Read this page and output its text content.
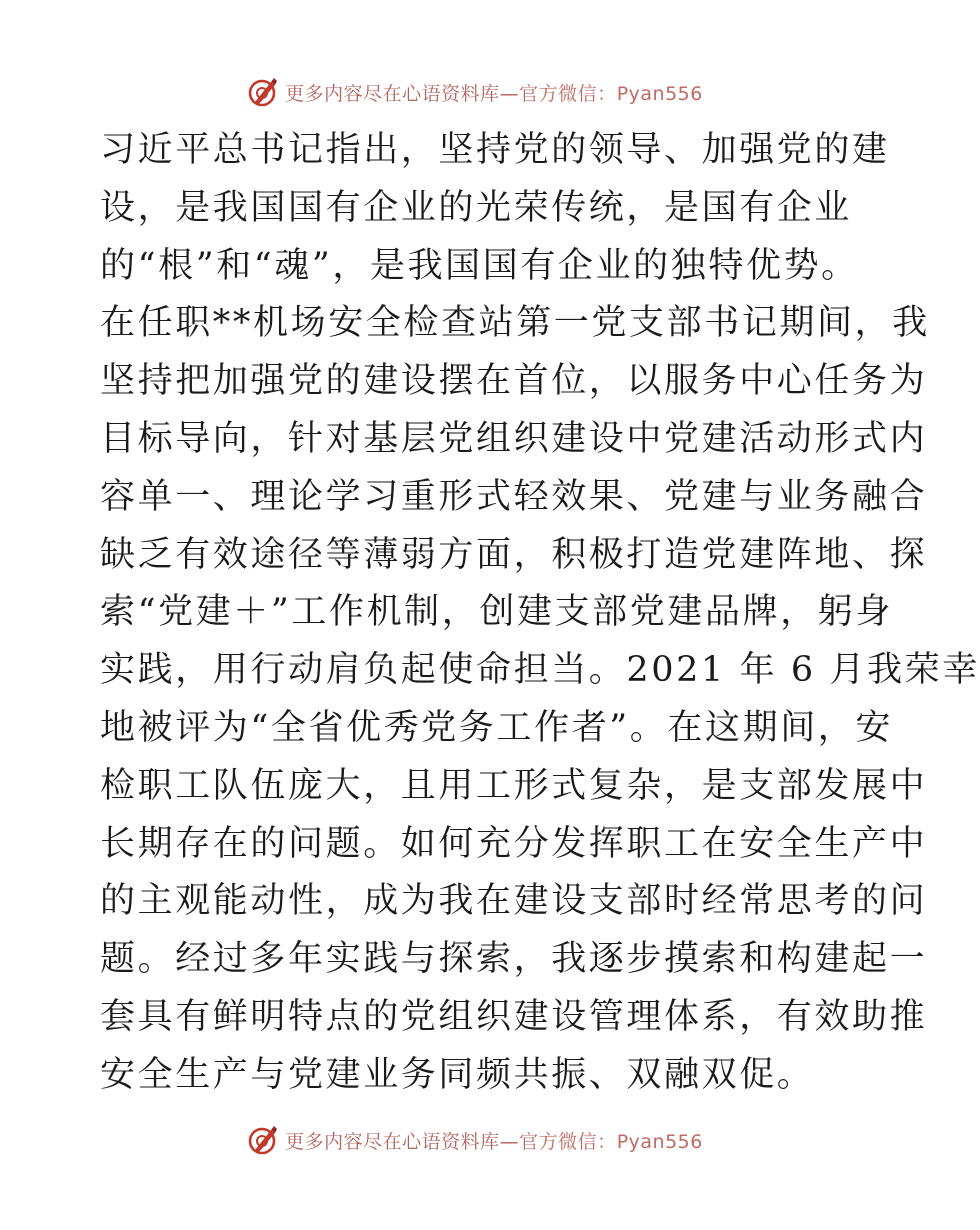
更多内容尽在心语资料库—官方微信：Pyan556
习近平总书记指出，坚持党的领导、加强党的建
设，是我国国有企业的光荣传统，是国有企业
的“根”和“魂”，是我国国有企业的独特优势。
在任职**机场安全检查站第一党支部书记期间，我
坚持把加强党的建设摆在首位，以服务中心任务为
目标导向，针对基层党组织建设中党建活动形式内
容单一、理论学习重形式轻效果、党建与业务融合
缺乏有效途径等薄弱方面，积极打造党建阵地、探
索“党建＋”工作机制，创建支部党建品牌，躬身
实践，用行动肩负起使命担当。2021 年 6 月我荣幸
地被评为“全省优秀党务工作者”。在这期间，安
检职工队伍庞大，且用工形式复杂，是支部发展中
长期存在的问题。如何充分发挥职工在安全生产中
的主观能动性，成为我在建设支部时经常思考的问
题。经过多年实践与探索，我逐步摸索和构建起一
套具有鲜明特点的党组织建设管理体系，有效助推
安全生产与党建业务同频共振、双融双促。
更多内容尽在心语资料库—官方微信：Pyan556
